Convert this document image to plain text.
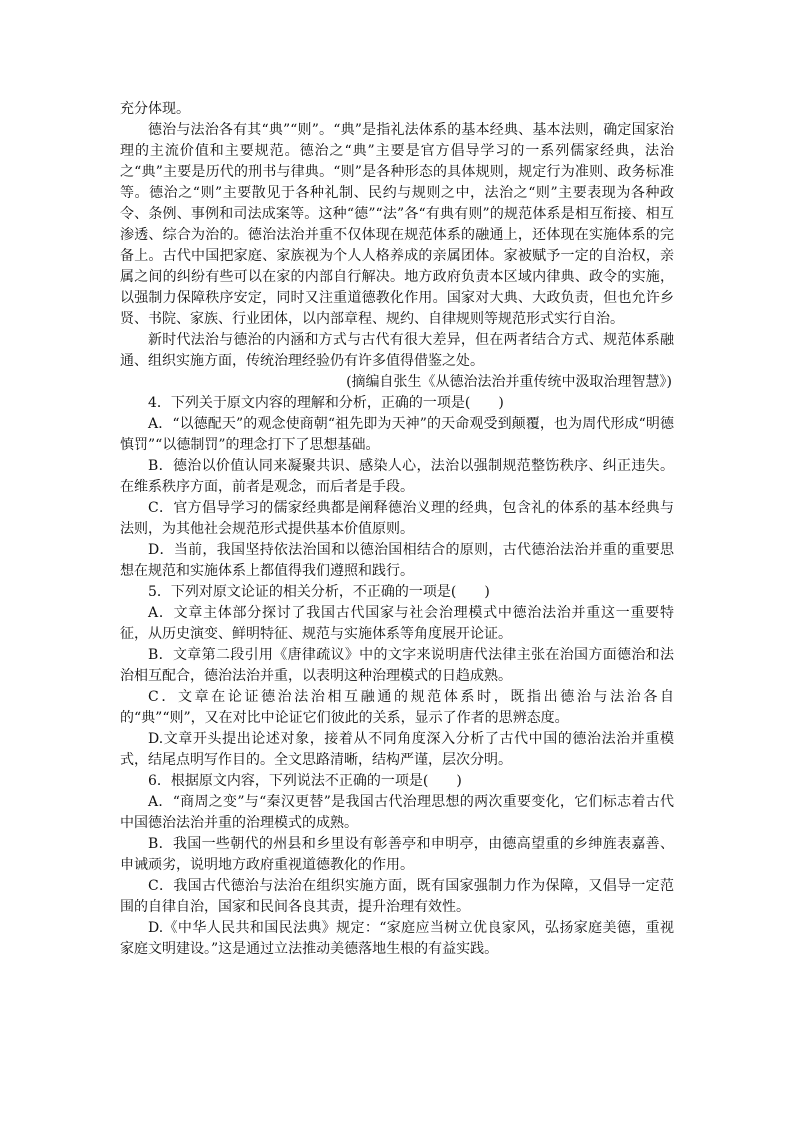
充分体现。

德治与法治各有其“典”“则”。“典”是指礼法体系的基本经典、基本法则，确定国家治理的主流价值和主要规范。德治之“典”主要是官方倡导学习的一系列儒家经典，法治之“典”主要是历代的刑书与律典。“则”是各种形态的具体规则，规定行为准则、政务标准等。德治之“则”主要散见于各种礼制、民约与规则之中，法治之“则”主要表现为各种政令、条例、事例和司法成案等。这种“德”“法”各“有典有则”的规范体系是相互衔接、相互渗透、综合为治的。德治法治并重不仅体现在规范体系的融通上，还体现在实施体系的完备上。古代中国把家庭、家族视为个人人格养成的亲属团体。家被赋予一定的自治权，亲属之间的纠纷有些可以在家的内部自行解决。地方政府负责本区域内律典、政令的实施，以强制力保障秩序安定，同时又注重道德教化作用。国家对大典、大政负责，但也允许乡贤、书院、家族、行业团体，以内部章程、规约、自律规则等规范形式实行自治。

新时代法治与德治的内涵和方式与古代有很大差异，但在两者结合方式、规范体系融通、组织实施方面，传统治理经验仍有许多值得借鉴之处。

(摘编自张生《从德治法治并重传统中汲取治理智慧》)

4．下列关于原文内容的理解和分析，正确的一项是(　　)

A．“以德配天”的观念使商朝“祖先即为天神”的天命观受到颠覆，也为周代形成“明德慎罚”“以德制罚”的理念打下了思想基础。

B．德治以价值认同来凝聚共识、感染人心，法治以强制规范整饬秩序、纠正违失。在维系秩序方面，前者是观念，而后者是手段。

C．官方倡导学习的儒家经典都是阐释德治义理的经典，包含礼的体系的基本经典与法则，为其他社会规范形式提供基本价值原则。

D．当前，我国坚持依法治国和以德治国相结合的原则，古代德治法治并重的重要思想在规范和实施体系上都值得我们遵照和践行。

5．下列对原文论证的相关分析，不正确的一项是(　　)

A．文章主体部分探讨了我国古代国家与社会治理模式中德治法治并重这一重要特征，从历史演变、鲜明特征、规范与实施体系等角度展开论证。

B．文章第二段引用《唐律疏议》中的文字来说明唐代法律主张在治国方面德治和法治相互配合，德治法治并重，以表明这种治理模式的日趋成熟。

C．文章在论证德治法治相互融通的规范体系时，既指出德治与法治各自的“典”“则”，又在对比中论证它们彼此的关系，显示了作者的思辨态度。

D.文章开头提出论述对象，接着从不同角度深入分析了古代中国的德治法治并重模式，结尾点明写作目的。全文思路清晰，结构严谨，层次分明。

6．根据原文内容，下列说法不正确的一项是(　　)

A．“商周之变”与“秦汉更替”是我国古代治理思想的两次重要变化，它们标志着古代中国德治法治并重的治理模式的成熟。

B．我国一些朝代的州县和乡里设有彰善亭和申明亭，由德高望重的乡绅旌表嘉善、申诫顽劣，说明地方政府重视道德教化的作用。

C．我国古代德治与法治在组织实施方面，既有国家强制力作为保障，又倡导一定范围的自律自治，国家和民间各良其责，提升治理有效性。

D.《中华人民共和国民法典》规定：“家庭应当树立优良家风，弘扬家庭美德，重视家庭文明建设。”这是通过立法推动美德落地生根的有益实践。
